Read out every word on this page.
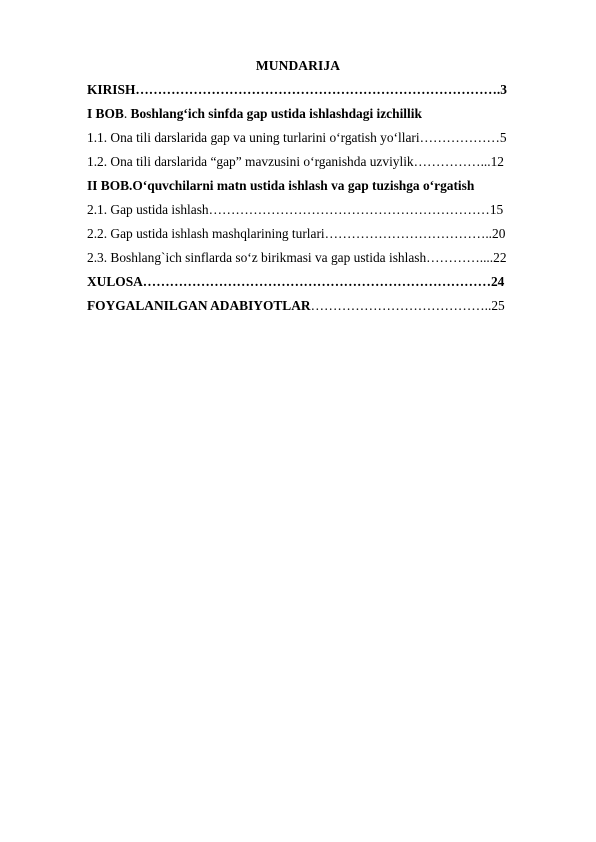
MUNDARIJA
KIRISH……………………………………………………………………….3
I BOB. Boshlang‘ich sinfda gap ustida ishlashdagi izchillik
1.1. Ona tili darslarida gap va uning turlarini o‘rgatish yo‘llari………………5
1.2. Ona tili darslarida “gap” mavzusini o‘rganishda uzviylik……………...12
II BOB.O‘quvchilarni matn ustida ishlash va gap tuzishga o‘rgatish
2.1. Gap ustida ishlash………………………………………………………15
2.2. Gap ustida ishlash mashqlarining turlari………………………………..20
2.3. Boshlang`ich sinflarda so‘z birikmasi va gap ustida ishlash…………....22
XULOSA……………………………………………………………………24
FOYGALANILGAN ADABIYOTLAR…………………………………..25
